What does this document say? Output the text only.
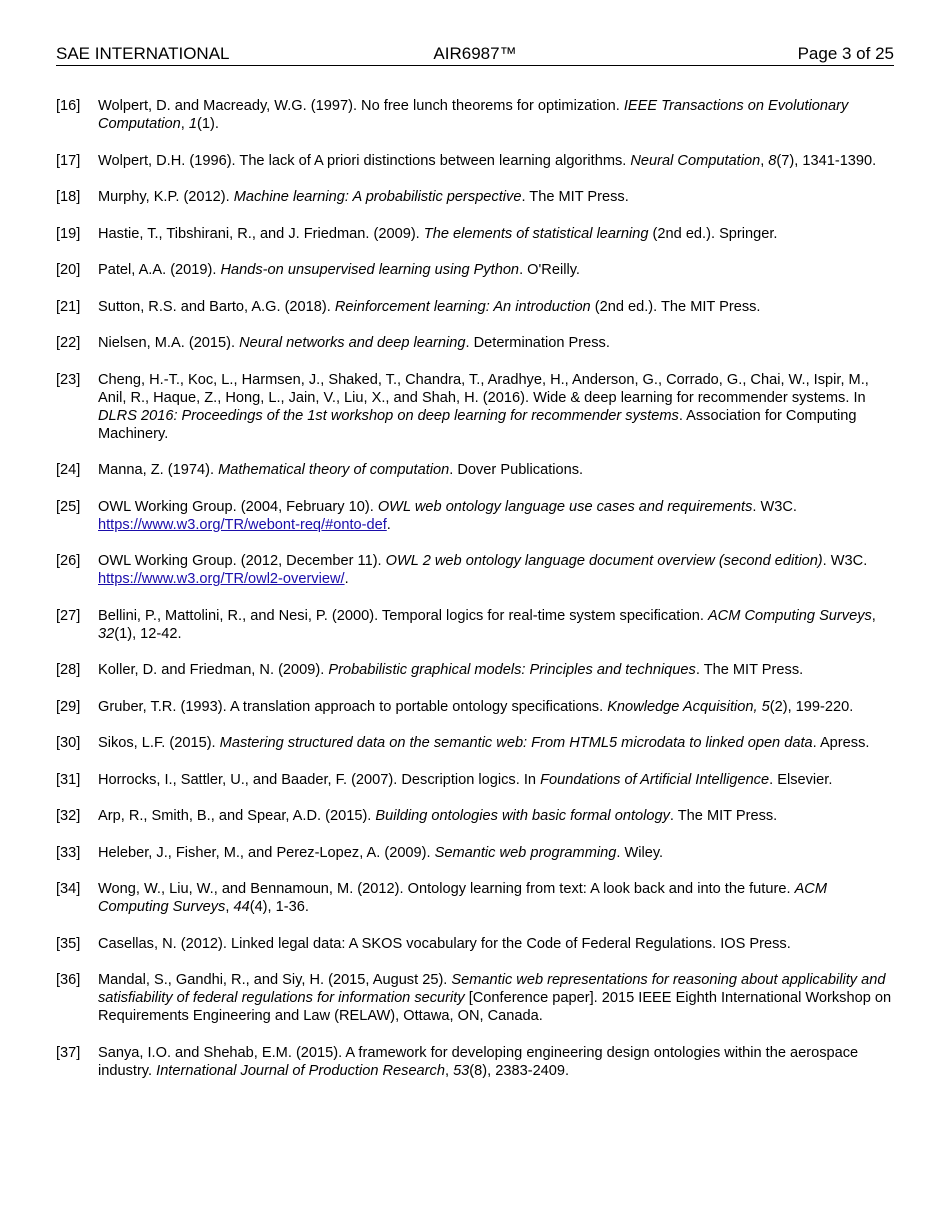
SAE INTERNATIONAL	AIR6987™	Page 3 of 25
[16] Wolpert, D. and Macready, W.G. (1997). No free lunch theorems for optimization. IEEE Transactions on Evolutionary Computation, 1(1).
[17] Wolpert, D.H. (1996). The lack of A priori distinctions between learning algorithms. Neural Computation, 8(7), 1341-1390.
[18] Murphy, K.P. (2012). Machine learning: A probabilistic perspective. The MIT Press.
[19] Hastie, T., Tibshirani, R., and J. Friedman. (2009). The elements of statistical learning (2nd ed.). Springer.
[20] Patel, A.A. (2019). Hands-on unsupervised learning using Python. O'Reilly.
[21] Sutton, R.S. and Barto, A.G. (2018). Reinforcement learning: An introduction (2nd ed.). The MIT Press.
[22] Nielsen, M.A. (2015). Neural networks and deep learning. Determination Press.
[23] Cheng, H.-T., Koc, L., Harmsen, J., Shaked, T., Chandra, T., Aradhye, H., Anderson, G., Corrado, G., Chai, W., Ispir, M., Anil, R., Haque, Z., Hong, L., Jain, V., Liu, X., and Shah, H. (2016). Wide & deep learning for recommender systems. In DLRS 2016: Proceedings of the 1st workshop on deep learning for recommender systems. Association for Computing Machinery.
[24] Manna, Z. (1974). Mathematical theory of computation. Dover Publications.
[25] OWL Working Group. (2004, February 10). OWL web ontology language use cases and requirements. W3C. https://www.w3.org/TR/webont-req/#onto-def.
[26] OWL Working Group. (2012, December 11). OWL 2 web ontology language document overview (second edition). W3C. https://www.w3.org/TR/owl2-overview/.
[27] Bellini, P., Mattolini, R., and Nesi, P. (2000). Temporal logics for real-time system specification. ACM Computing Surveys, 32(1), 12-42.
[28] Koller, D. and Friedman, N. (2009). Probabilistic graphical models: Principles and techniques. The MIT Press.
[29] Gruber, T.R. (1993). A translation approach to portable ontology specifications. Knowledge Acquisition, 5(2), 199-220.
[30] Sikos, L.F. (2015). Mastering structured data on the semantic web: From HTML5 microdata to linked open data. Apress.
[31] Horrocks, I., Sattler, U., and Baader, F. (2007). Description logics. In Foundations of Artificial Intelligence. Elsevier.
[32] Arp, R., Smith, B., and Spear, A.D. (2015). Building ontologies with basic formal ontology. The MIT Press.
[33] Heleber, J., Fisher, M., and Perez-Lopez, A. (2009). Semantic web programming. Wiley.
[34] Wong, W., Liu, W., and Bennamoun, M. (2012). Ontology learning from text: A look back and into the future. ACM Computing Surveys, 44(4), 1-36.
[35] Casellas, N. (2012). Linked legal data: A SKOS vocabulary for the Code of Federal Regulations. IOS Press.
[36] Mandal, S., Gandhi, R., and Siy, H. (2015, August 25). Semantic web representations for reasoning about applicability and satisfiability of federal regulations for information security [Conference paper]. 2015 IEEE Eighth International Workshop on Requirements Engineering and Law (RELAW), Ottawa, ON, Canada.
[37] Sanya, I.O. and Shehab, E.M. (2015). A framework for developing engineering design ontologies within the aerospace industry. International Journal of Production Research, 53(8), 2383-2409.
